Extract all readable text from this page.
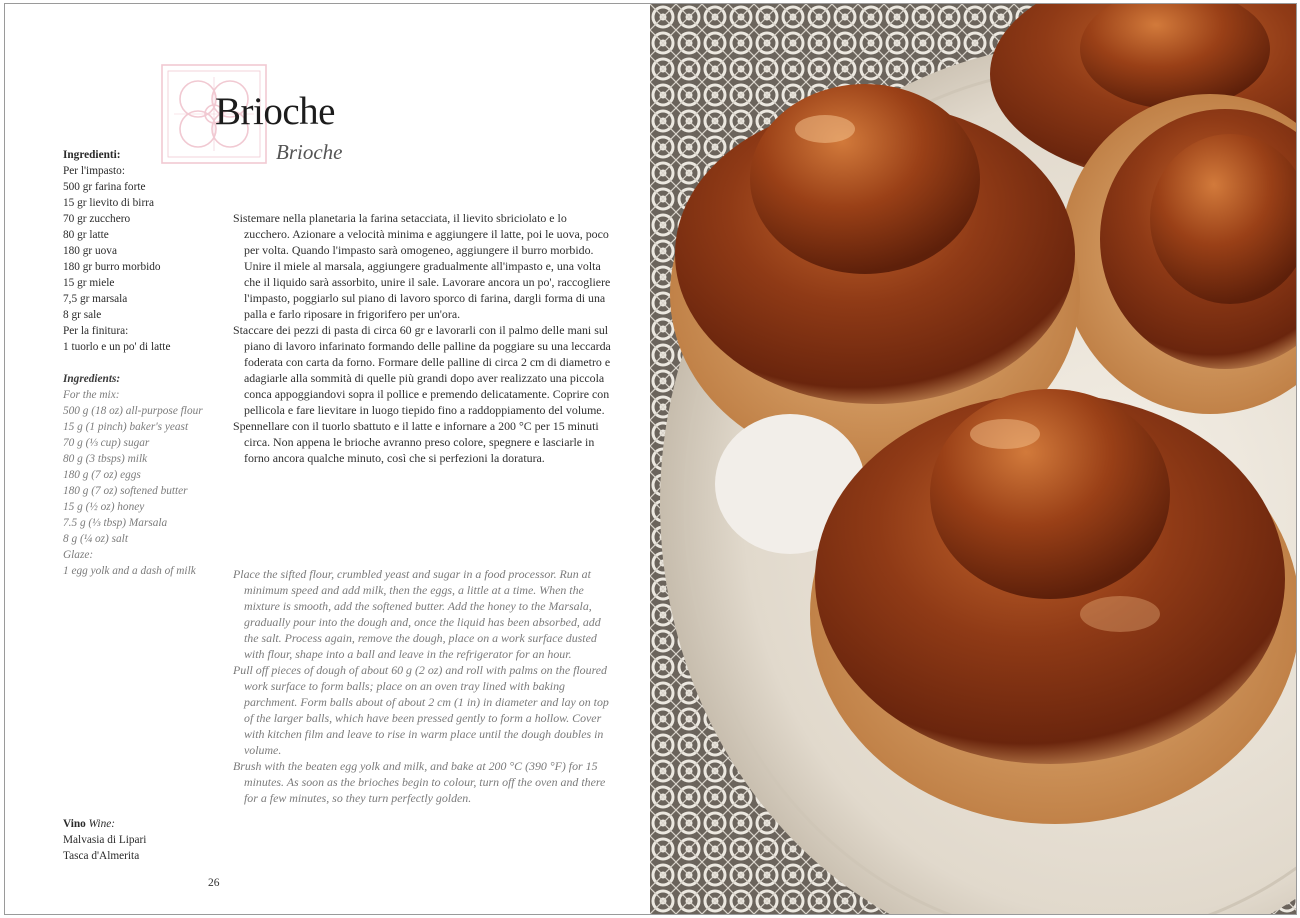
Brioche
Brioche
Ingredienti:
Per l'impasto:
500 gr farina forte
15 gr lievito di birra
70 gr zucchero
80 gr latte
180 gr uova
180 gr burro morbido
15 gr miele
7,5 gr marsala
8 gr sale
Per la finitura:
1 tuorlo e un po' di latte
Ingredients:
For the mix:
500 g (18 oz) all-purpose flour
15 g (1 pinch) baker's yeast
70 g (⅓ cup) sugar
80 g (3 tbsps) milk
180 g (7 oz) eggs
180 g (7 oz) softened butter
15 g (½ oz) honey
7.5 g (⅓ tbsp) Marsala
8 g (¼ oz) salt
Glaze:
1 egg yolk and a dash of milk

Sistemare nella planetaria la farina setacciata, il lievito sbriciolato e lo zucchero. Azionare a velocità minima e aggiungere il latte, poi le uova, poco per volta. Quando l'impasto sarà omogeneo, aggiungere il burro morbido. Unire il miele al marsala, aggiungere gradualmente all'impasto e, una volta che il liquido sarà assorbito, unire il sale. Lavorare ancora un po', raccogliere l'impasto, poggiarlo sul piano di lavoro sporco di farina, dargli forma di una palla e farlo riposare in frigorifero per un'ora.

Staccare dei pezzi di pasta di circa 60 gr e lavorarli con il palmo delle mani sul piano di lavoro infarinato formando delle palline da poggiare su una leccarda foderata con carta da forno. Formare delle palline di circa 2 cm di diametro e adagiarle alla sommità di quelle più grandi dopo aver realizzato una piccola conca appoggiandovi sopra il pollice e premendo delicatamente. Coprire con pellicola e fare lievitare in luogo tiepido fino a raddoppiamento del volume.

Spennellare con il tuorlo sbattuto e il latte e infornare a 200 °C per 15 minuti circa. Non appena le brioche avranno preso colore, spegnere e lasciarle in forno ancora qualche minuto, così che si perfezioni la doratura.

Place the sifted flour, crumbled yeast and sugar in a food processor. Run at minimum speed and add milk, then the eggs, a little at a time. When the mixture is smooth, add the softened butter. Add the honey to the Marsala, gradually pour into the dough and, once the liquid has been absorbed, add the salt. Process again, remove the dough, place on a work surface dusted with flour, shape into a ball and leave in the refrigerator for an hour.

Pull off pieces of dough of about 60 g (2 oz) and roll with palms on the floured work surface to form balls; place on an oven tray lined with baking parchment. Form balls about of about 2 cm (1 in) in diameter and lay on top of the larger balls, which have been pressed gently to form a hollow. Cover with kitchen film and leave to rise in warm place until the dough doubles in volume.

Brush with the beaten egg yolk and milk, and bake at 200 °C (390 °F) for 15 minutes. As soon as the brioches begin to colour, turn off the oven and there for a few minutes, so they turn perfectly golden.

Vino Wine:
Malvasia di Lipari
Tasca d'Almerita
26
